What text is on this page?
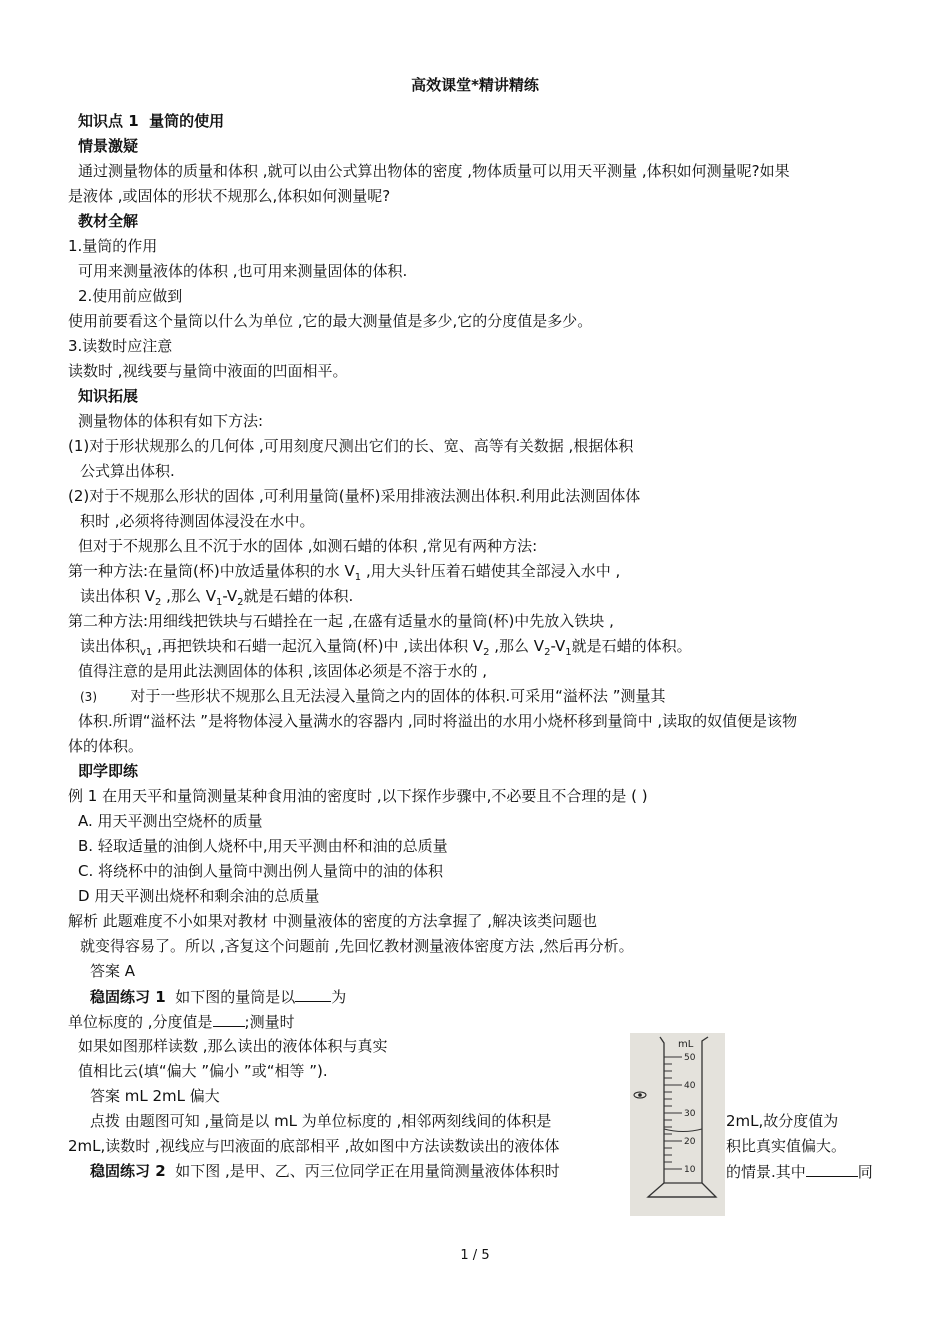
高效课堂*精讲精练
知识点 1 量筒的使用
情景激疑
通过测量物体的质量和体积 ,就可以由公式算出物体的密度 ,物体质量可以用天平测量 ,体积如何测量呢?如果
是液体 ,或固体的形状不规那么,体积如何测量呢?
教材全解
1.量筒的作用
可用来测量液体的体积 ,也可用来测量固体的体积.
2.使用前应做到
使用前要看这个量筒以什么为单位 ,它的最大测量值是多少,它的分度值是多少。
3.读数时应注意
读数时 ,视线要与量筒中液面的凹面相平。
知识拓展
测量物体的体积有如下方法:
(1)对于形状规那么的几何体 ,可用刻度尺测出它们的长、宽、高等有关数据 ,根据体积
公式算出体积.
(2)对于不规那么形状的固体 ,可利用量筒(量杯)采用排液法测出体积.利用此法测固体体
积时 ,必须将待测固体浸没在水中。
但对于不规那么且不沉于水的固体 ,如测石蜡的体积 ,常见有两种方法:
第一种方法:在量筒(杯)中放适量体积的水 $V_1$ ,用大头针压着石蜡使其全部浸入水中 ,
读出体积 $V_2$ ,那么 $V_1-V_2$就是石蜡的体积.
第二种方法:用细线把铁块与石蜡拴在一起 ,在盛有适量水的量筒(杯)中先放入铁块 ,
读出体积$_{v1}$ ,再把铁块和石蜡一起沉入量筒(杯)中 ,读出体积 $V_2$ ,那么 $V_2-V_1$就是石蜡的体积。
值得注意的是用此法测固体的体积 ,该固体必须是不溶于水的 ,
(3) 对于一些形状不规那么且无法浸入量筒之内的固体的体积.可采用“溢杯法 ”测量其
体积.所谓“溢杯法 ”是将物体浸入量满水的容器内 ,同时将溢出的水用小烧杯移到量筒中 ,读取的奴值便是该物
体的体积。
即学即练
例 1 在用天平和量筒测量某种食用油的密度时 ,以下探作步骤中,不必要且不合理的是 ( )
A. 用天平测出空烧杯的质量
B. 轻取适量的油倒人烧杯中,用天平测由杯和油的总质量
C. 将绕杯中的油倒人量筒中测出例人量筒中的油的体积
D 用天平测出烧杯和剩余油的总质量
解析 此题难度不小如果对教材 中测量液体的密度的方法拿握了 ,解决该类问题也
就变得容易了。所以 ,吝复这个问题前 ,先回忆教材测量液体密度方法 ,然后再分析。
答案 A
稳固练习 1 如下图的量筒是以 为
单位标度的 ,分度值是 ;测量时
如果如图那样读数 ,那么读出的液体体积与真实
值相比云(填“偏大 ”偏小 ”或“相等 ”).
答案 mL 2mL 偏大
点拨 由题图可知 ,量筒是以 mL 为单位标度的 ,相邻两刻线间的体积是	2mL,故分度值为
2mL,读数时 ,视线应与凹液面的底部相平 ,故如图中方法读数读出的液体体	积比真实值偏大。
稳固练习 2 如下图 ,是甲、乙、丙三位同学正在用量筒测量液体体积时	的情景.其中	同
mL
50
40
30
20
10
1 / 5
